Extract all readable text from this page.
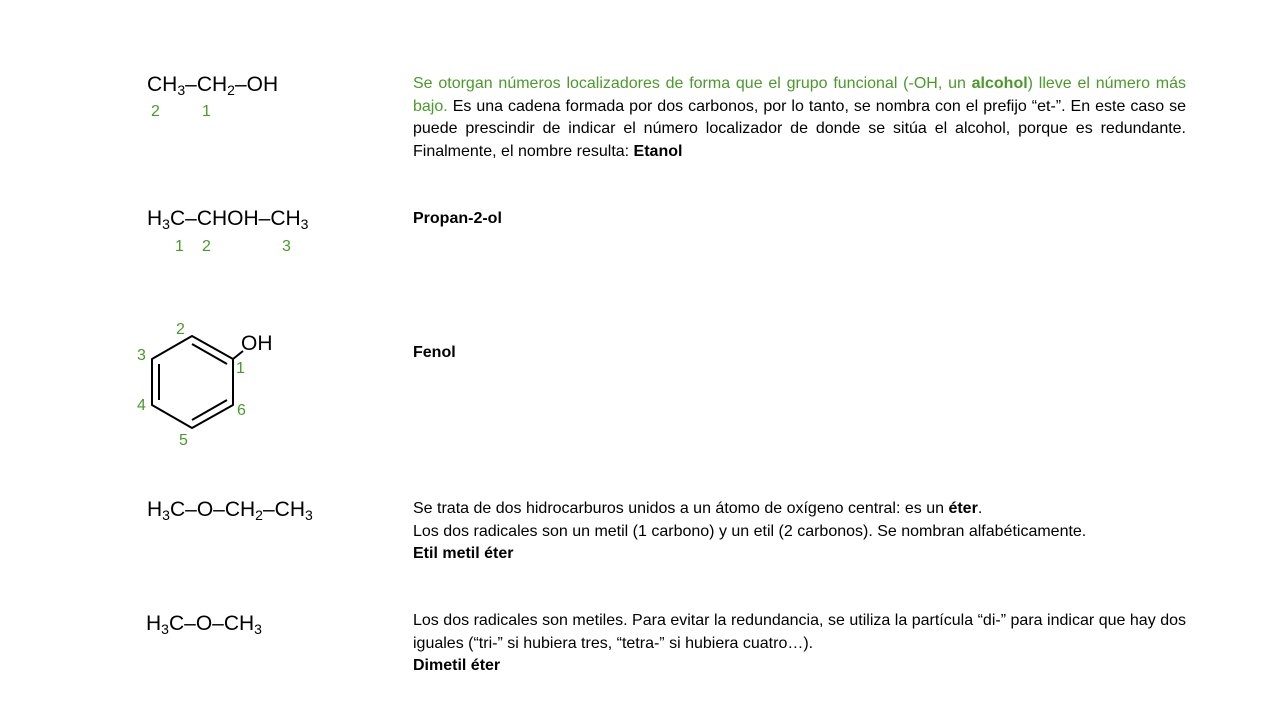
$CH_3-CH_2-OH$
2	1
Se otorgan números localizadores de forma que el grupo funcional (-OH, un alcohol) lleve el número más bajo. Es una cadena formada por dos carbonos, por lo tanto, se nombra con el prefijo “et-”. En este caso se puede prescindir de indicar el número localizador de donde se sitúa el alcohol, porque es redundante. Finalmente, el nombre resulta: Etanol
$H_3C-CHOH-CH_3$
1 2	3
Propan-2-ol
OH
1
2
3
4
5
6
Fenol
$H_3C-O-CH_2-CH_3$	Se trata de dos hidrocarburos unidos a un átomo de oxígeno central: es un éter.
Los dos radicales son un metil (1 carbono) y un etil (2 carbonos). Se nombran alfabéticamente.
Etil metil éter
$H_3C-O-CH_3$	Los dos radicales son metiles. Para evitar la redundancia, se utiliza la partícula “di-” para indicar que hay dos iguales (“tri-” si hubiera tres, “tetra-” si hubiera cuatro…).
Dimetil éter
